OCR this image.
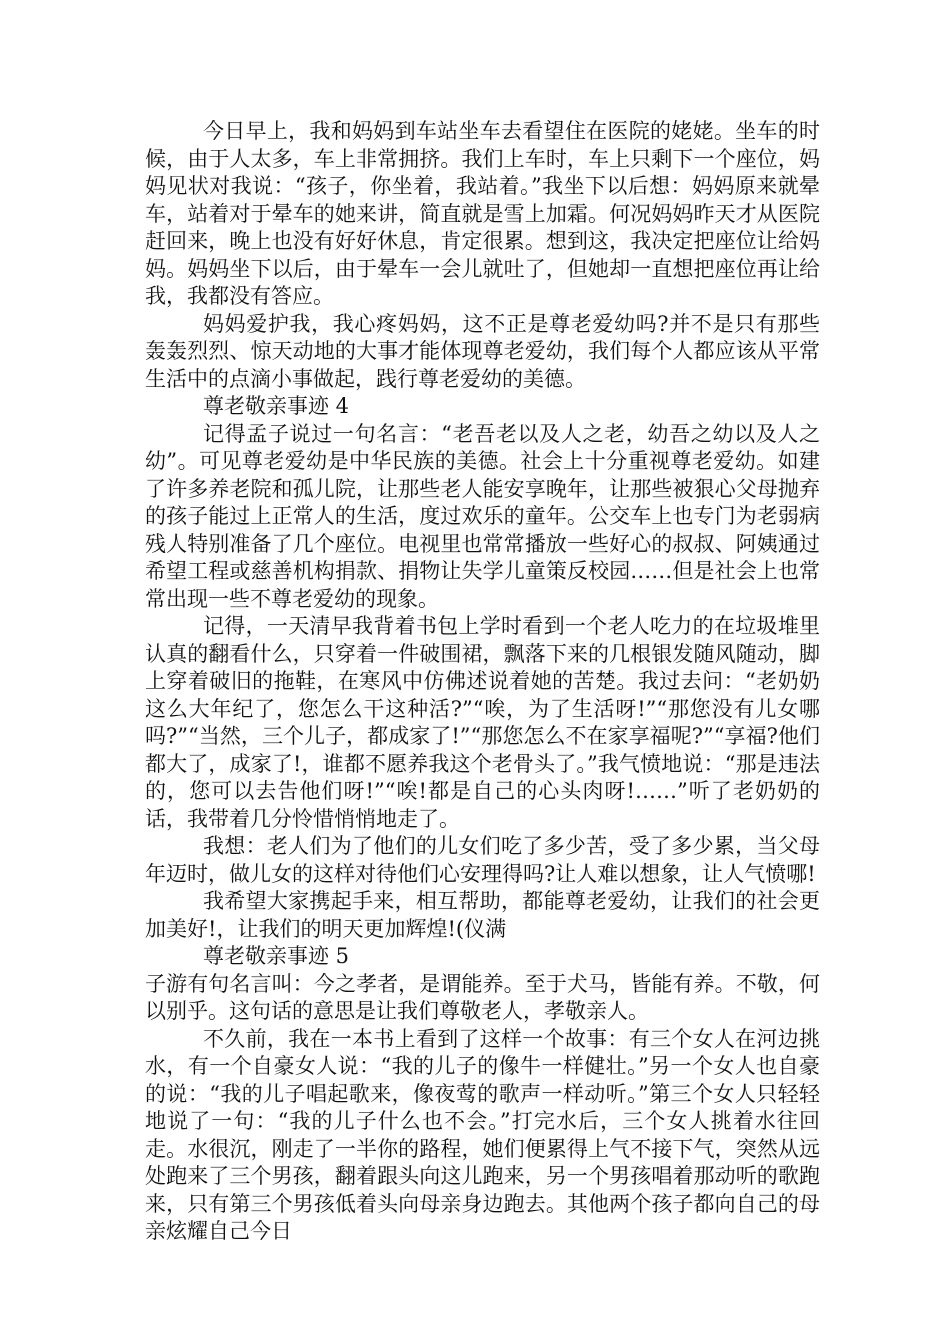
今日早上，我和妈妈到车站坐车去看望住在医院的姥姥。坐车的时候，由于人太多，车上非常拥挤。我们上车时，车上只剩下一个座位，妈妈见状对我说：“孩子，你坐着，我站着。”我坐下以后想：妈妈原来就晕车，站着对于晕车的她来讲，简直就是雪上加霜。何况妈妈昨天才从医院赶回来，晚上也没有好好休息，肯定很累。想到这，我决定把座位让给妈妈。妈妈坐下以后，由于晕车一会儿就吐了，但她却一直想把座位再让给我，我都没有答应。

妈妈爱护我，我心疼妈妈，这不正是尊老爱幼吗?并不是只有那些轰轰烈烈、惊天动地的大事才能体现尊老爱幼，我们每个人都应该从平常生活中的点滴小事做起，践行尊老爱幼的美德。

尊老敬亲事迹 4

记得孟子说过一句名言：“老吾老以及人之老，幼吾之幼以及人之幼”。可见尊老爱幼是中华民族的美德。社会上十分重视尊老爱幼。如建了许多养老院和孤儿院，让那些老人能安享晚年，让那些被狠心父母抛弃的孩子能过上正常人的生活，度过欢乐的童年。公交车上也专门为老弱病残人特别准备了几个座位。电视里也常常播放一些好心的叔叔、阿姨通过希望工程或慈善机构捐款、捐物让失学儿童策反校园……但是社会上也常常出现一些不尊老爱幼的现象。

记得，一天清早我背着书包上学时看到一个老人吃力的在垃圾堆里认真的翻看什么，只穿着一件破围裙，飘落下来的几根银发随风随动，脚上穿着破旧的拖鞋，在寒风中仿佛述说着她的苦楚。我过去问：“老奶奶这么大年纪了，您怎么干这种活?”“唉，为了生活呀!”“那您没有儿女哪吗?”“当然，三个儿子，都成家了!”“那您怎么不在家享福呢?”“享福?他们都大了，成家了!，谁都不愿养我这个老骨头了。”我气愤地说：“那是违法的，您可以去告他们呀!”“唉!都是自己的心头肉呀!……”听了老奶奶的话，我带着几分怜惜悄悄地走了。

我想：老人们为了他们的儿女们吃了多少苦，受了多少累，当父母年迈时，做儿女的这样对待他们心安理得吗?让人难以想象，让人气愤哪!

我希望大家携起手来，相互帮助，都能尊老爱幼，让我们的社会更加美好!，让我们的明天更加辉煌!(仪满

尊老敬亲事迹 5

子游有句名言叫：今之孝者，是谓能养。至于犬马，皆能有养。不敬，何以别乎。这句话的意思是让我们尊敬老人，孝敬亲人。

不久前，我在一本书上看到了这样一个故事：有三个女人在河边挑水，有一个自豪女人说：“我的儿子的像牛一样健壮。”另一个女人也自豪的说：“我的儿子唱起歌来，像夜莺的歌声一样动听。”第三个女人只轻轻地说了一句：“我的儿子什么也不会。”打完水后，三个女人挑着水往回走。水很沉，刚走了一半你的路程，她们便累得上气不接下气，突然从远处跑来了三个男孩，翻着跟头向这儿跑来，另一个男孩唱着那动听的歌跑来，只有第三个男孩低着头向母亲身边跑去。其他两个孩子都向自己的母亲炫耀自己今日
